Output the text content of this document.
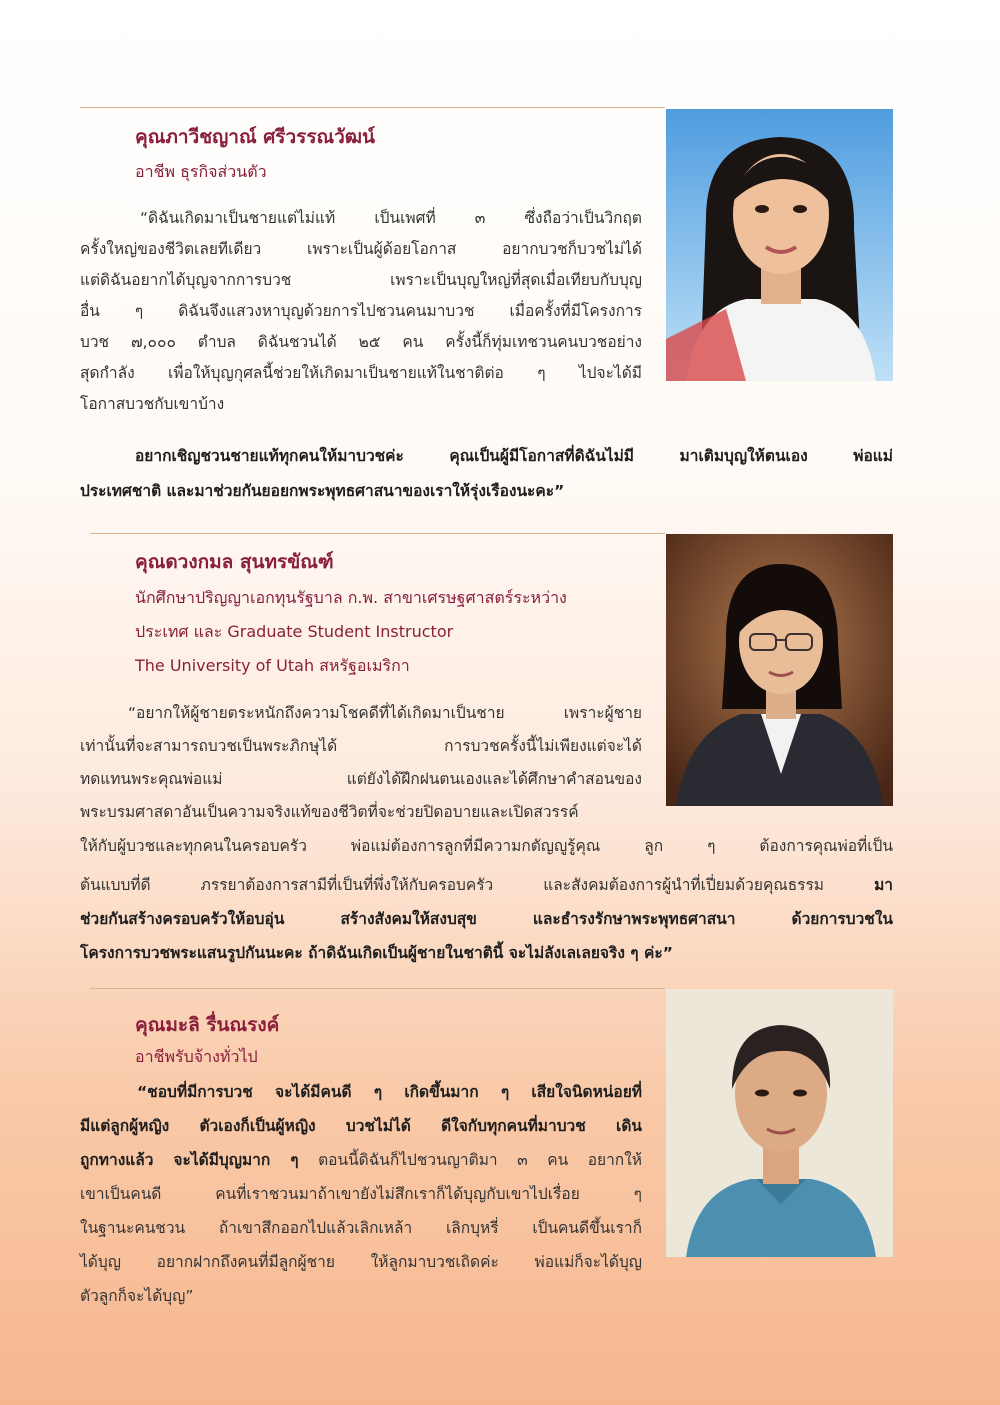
คุณภาวีชญาณ์ ศรีวรรณวัฒน์
อาชีพ ธุรกิจส่วนตัว
“ดิฉันเกิดมาเป็นชายแต่ไม่แท้ เป็นเพศที่ ๓ ซึ่งถือว่าเป็นวิกฤต
ครั้งใหญ่ของชีวิตเลยทีเดียว เพราะเป็นผู้ด้อยโอกาส อยากบวชก็บวชไม่ได้
แต่ดิฉันอยากได้บุญจากการบวช เพราะเป็นบุญใหญ่ที่สุดเมื่อเทียบกับบุญ
อื่น ๆ ดิฉันจึงแสวงหาบุญด้วยการไปชวนคนมาบวช เมื่อครั้งที่มีโครงการ
บวช ๗,๐๐๐ ตำบล ดิฉันชวนได้ ๒๕ คน ครั้งนี้ก็ทุ่มเทชวนคนบวชอย่าง
สุดกำลัง เพื่อให้บุญกุศลนี้ช่วยให้เกิดมาเป็นชายแท้ในชาติต่อ ๆ ไปจะได้มี
โอกาสบวชกับเขาบ้าง
อยากเชิญชวนชายแท้ทุกคนให้มาบวชค่ะ คุณเป็นผู้มีโอกาสที่ดิฉันไม่มี มาเติมบุญให้ตนเอง พ่อแม่
ประเทศชาติ และมาช่วยกันยอยกพระพุทธศาสนาของเราให้รุ่งเรืองนะคะ”
คุณดวงกมล สุนทรขัณฑ์
นักศึกษาปริญญาเอกทุนรัฐบาล ก.พ. สาขาเศรษฐศาสตร์ระหว่าง
ประเทศ และ Graduate Student Instructor
The University of Utah สหรัฐอเมริกา
“อยากให้ผู้ชายตระหนักถึงความโชคดีที่ได้เกิดมาเป็นชาย เพราะผู้ชาย
เท่านั้นที่จะสามารถบวชเป็นพระภิกษุได้ การบวชครั้งนี้ไม่เพียงแต่จะได้
ทดแทนพระคุณพ่อแม่ แต่ยังได้ฝึกฝนตนเองและได้ศึกษาคำสอนของ
พระบรมศาสดาอันเป็นความจริงแท้ของชีวิตที่จะช่วยปิดอบายและเปิดสวรรค์
ให้กับผู้บวชและทุกคนในครอบครัว พ่อแม่ต้องการลูกที่มีความกตัญญูรู้คุณ ลูก ๆ ต้องการคุณพ่อที่เป็น
ต้นแบบที่ดี ภรรยาต้องการสามีที่เป็นที่พึ่งให้กับครอบครัว และสังคมต้องการผู้นำที่เปี่ยมด้วยคุณธรรม	มา
ช่วยกันสร้างครอบครัวให้อบอุ่น สร้างสังคมให้สงบสุข และธำรงรักษาพระพุทธศาสนา ด้วยการบวชใน
โครงการบวชพระแสนรูปกันนะคะ ถ้าดิฉันเกิดเป็นผู้ชายในชาตินี้ จะไม่ลังเลเลยจริง ๆ ค่ะ”
คุณมะลิ รื่นณรงค์
อาชีพรับจ้างทั่วไป
“ชอบที่มีการบวช จะได้มีคนดี ๆ เกิดขึ้นมาก ๆ เสียใจนิดหน่อยที่
มีแต่ลูกผู้หญิง ตัวเองก็เป็นผู้หญิง บวชไม่ได้ ดีใจกับทุกคนที่มาบวช เดิน
ถูกทางแล้ว จะได้มีบุญมาก ๆ ตอนนี้ดิฉันก็ไปชวนญาติมา ๓ คน อยากให้
เขาเป็นคนดี คนที่เราชวนมาถ้าเขายังไม่สึกเราก็ได้บุญกับเขาไปเรื่อย ๆ
ในฐานะคนชวน ถ้าเขาสึกออกไปแล้วเลิกเหล้า เลิกบุหรี่ เป็นคนดีขึ้นเราก็
ได้บุญ อยากฝากถึงคนที่มีลูกผู้ชาย ให้ลูกมาบวชเถิดค่ะ พ่อแม่ก็จะได้บุญ
ตัวลูกก็จะได้บุญ”
